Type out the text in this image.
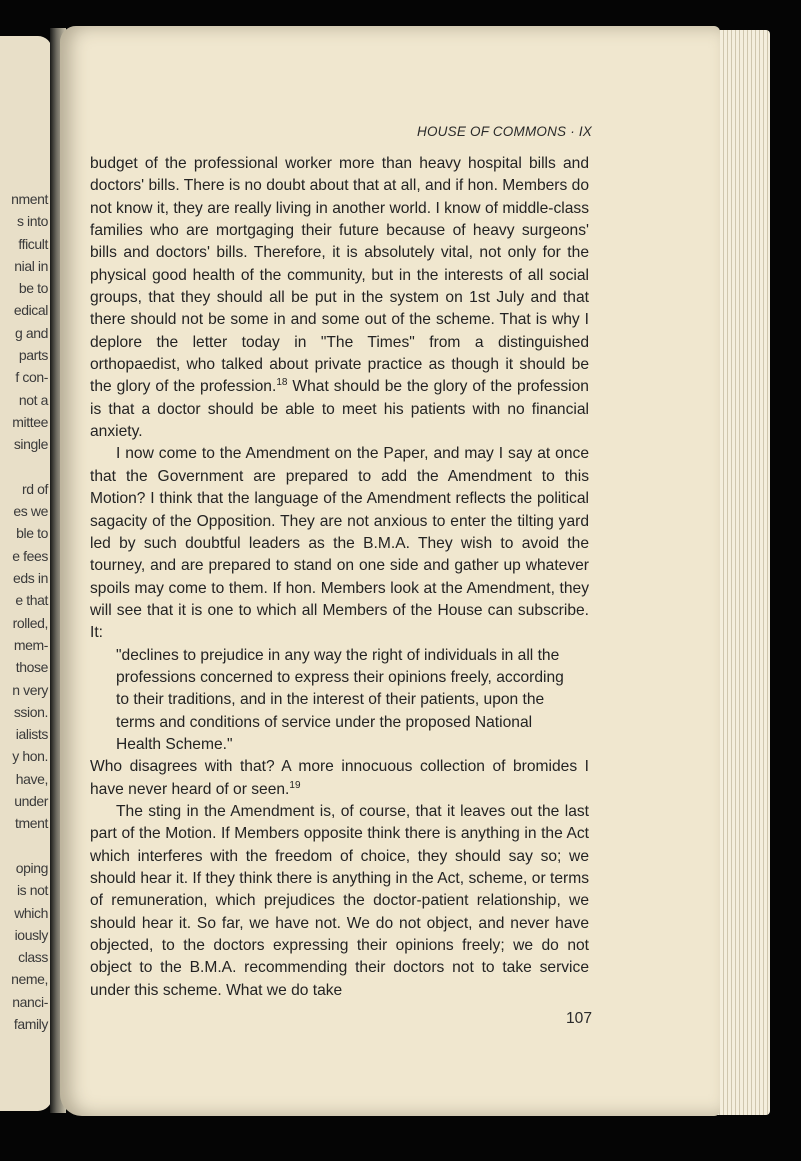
nment
s into
fficult
nial in
be to
edical
g and
parts
f con-
not a
mittee
single
rd of
es we
ble to
e fees
eds in
e that
rolled,
mem-
those
n very
ssion.
ialists
y hon.
have,
under
tment
oping
is not
which
iously
class
neme,
nanci-
family
HOUSE OF COMMONS · IX

budget of the professional worker more than heavy hospital bills and doctors' bills. There is no doubt about that at all, and if hon. Members do not know it, they are really living in another world. I know of middle-class families who are mortgaging their future because of heavy surgeons' bills and doctors' bills. Therefore, it is absolutely vital, not only for the physical good health of the community, but in the interests of all social groups, that they should all be put in the system on 1st July and that there should not be some in and some out of the scheme. That is why I deplore the letter today in "The Times" from a distinguished orthopaedist, who talked about private practice as though it should be the glory of the profession.$^{18}$ What should be the glory of the profession is that a doctor should be able to meet his patients with no financial anxiety.

I now come to the Amendment on the Paper, and may I say at once that the Government are prepared to add the Amendment to this Motion? I think that the language of the Amendment reflects the political sagacity of the Opposition. They are not anxious to enter the tilting yard led by such doubtful leaders as the B.M.A. They wish to avoid the tourney, and are prepared to stand on one side and gather up whatever spoils may come to them. If hon. Members look at the Amendment, they will see that it is one to which all Members of the House can subscribe. It:

"declines to prejudice in any way the right of individuals in all the professions concerned to express their opinions freely, according to their traditions, and in the interest of their patients, upon the terms and conditions of service under the proposed National Health Scheme."

Who disagrees with that? A more innocuous collection of bromides I have never heard of or seen.$^{19}$

The sting in the Amendment is, of course, that it leaves out the last part of the Motion. If Members opposite think there is anything in the Act which interferes with the freedom of choice, they should say so; we should hear it. If they think there is anything in the Act, scheme, or terms of remuneration, which prejudices the doctor-patient relationship, we should hear it. So far, we have not. We do not object, and never have objected, to the doctors expressing their opinions freely; we do not object to the B.M.A. recommending their doctors not to take service under this scheme. What we do take

107
